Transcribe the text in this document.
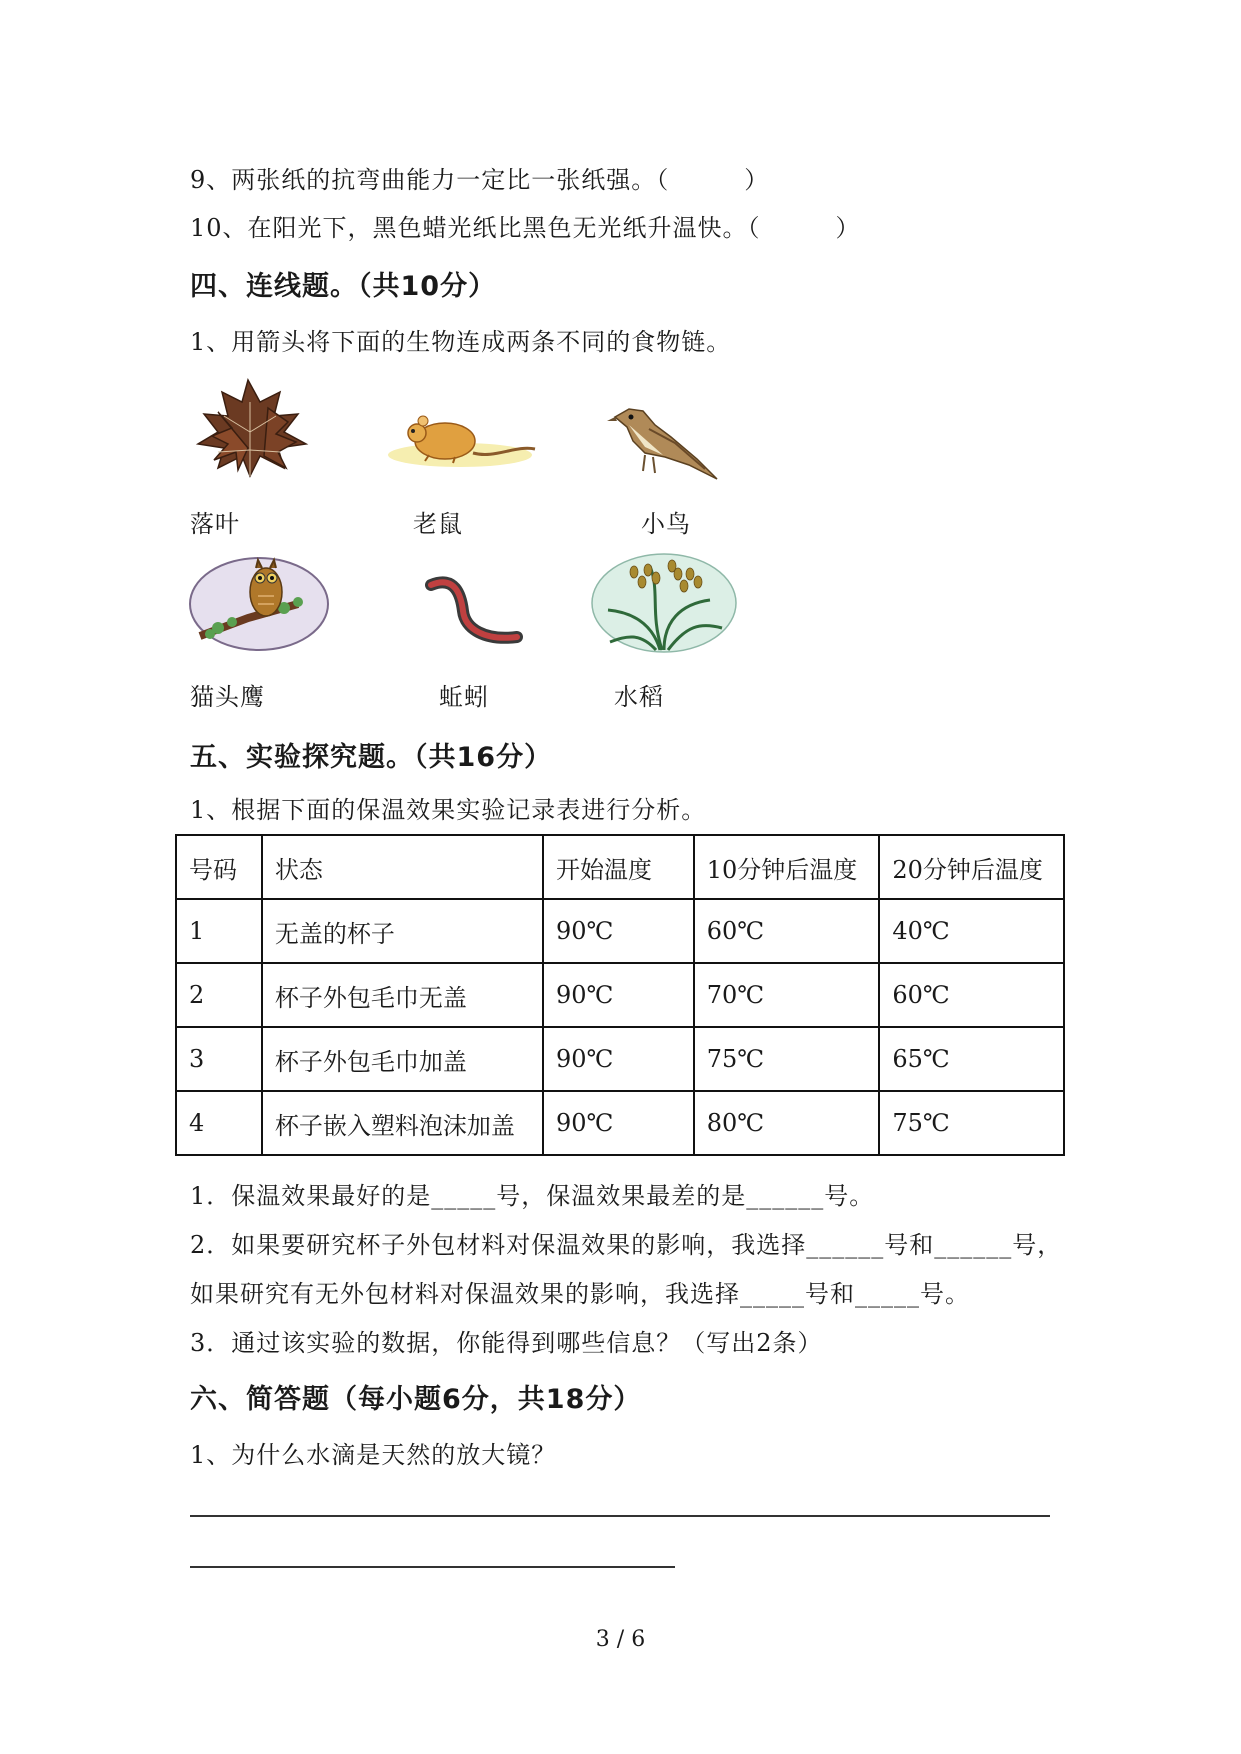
9、两张纸的抗弯曲能力一定比一张纸强。（　　　）
10、在阳光下，黑色蜡光纸比黑色无光纸升温快。（　　　）
四、连线题。（共10分）
1、用箭头将下面的生物连成两条不同的食物链。
落叶	老鼠	小鸟
猫头鹰	蚯蚓	水稻
五、实验探究题。（共16分）
1、根据下面的保温效果实验记录表进行分析。
号码	状态	开始温度	10分钟后温度	20分钟后温度
1	无盖的杯子	90℃	60℃	40℃
2	杯子外包毛巾无盖	90℃	70℃	60℃
3	杯子外包毛巾加盖	90℃	75℃	65℃
4	杯子嵌入塑料泡沫加盖	90℃	80℃	75℃
1．保温效果最好的是_____号，保温效果最差的是______号。
2．如果要研究杯子外包材料对保温效果的影响，我选择______号和______号，
如果研究有无外包材料对保温效果的影响，我选择_____号和_____号。
3．通过该实验的数据，你能得到哪些信息？（写出2条）
六、简答题（每小题6分，共18分）
1、为什么水滴是天然的放大镜？
3 / 6
